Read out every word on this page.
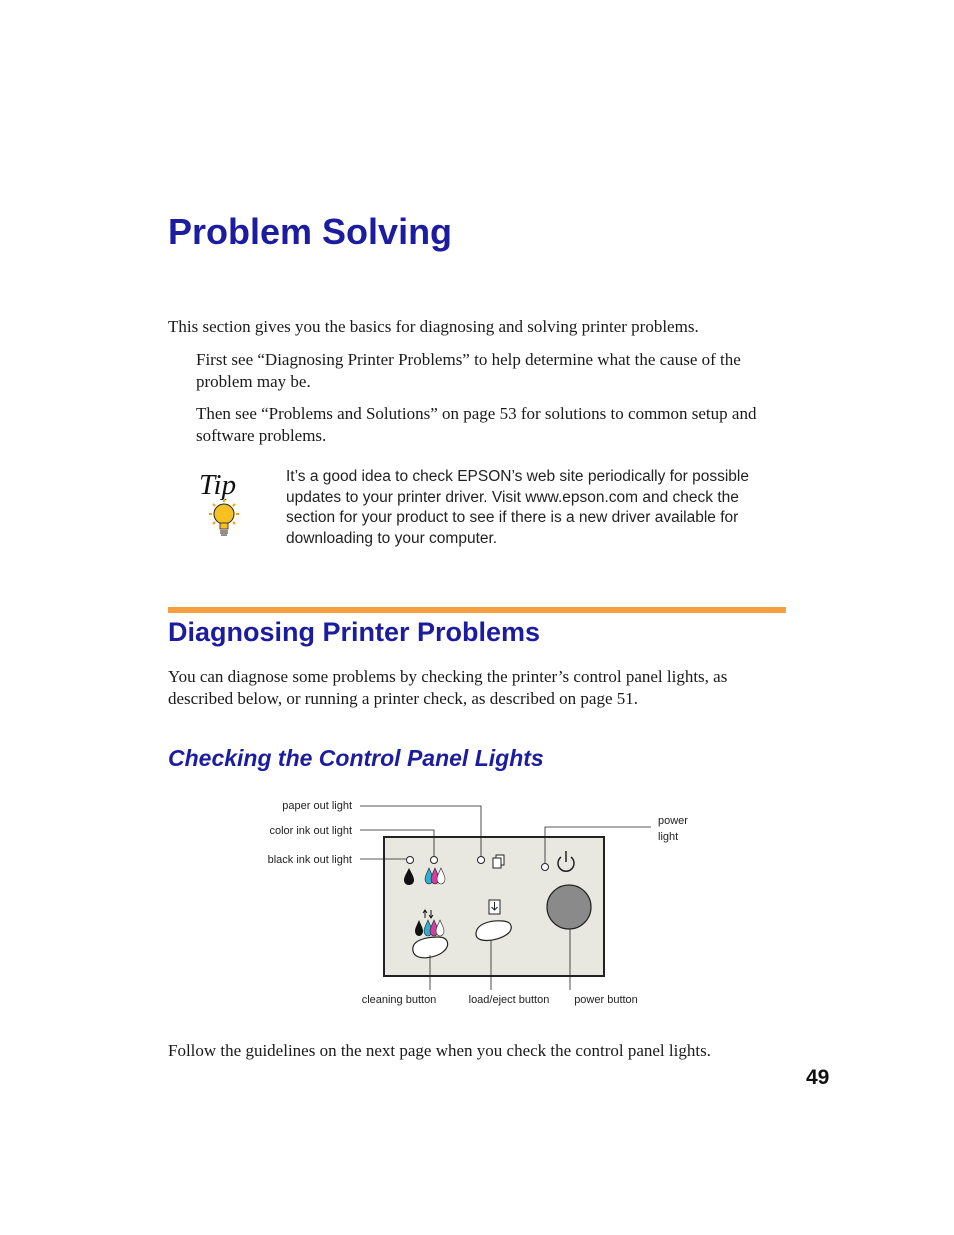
Problem Solving

This section gives you the basics for diagnosing and solving printer problems.

First see “Diagnosing Printer Problems” to help determine what the cause of the problem may be.

Then see “Problems and Solutions” on page 53 for solutions to common setup and software problems.

Tip	It’s a good idea to check EPSON’s web site periodically for possible updates to your printer driver. Visit www.epson.com and check the section for your product to see if there is a new driver available for downloading to your computer.

Diagnosing Printer Problems

You can diagnose some problems by checking the printer’s control panel lights, as described below, or running a printer check, as described on page 51.

Checking the Control Panel Lights
paper out light
color ink out light
black ink out light
power
light
cleaning button	load/eject button power button

Follow the guidelines on the next page when you check the control panel lights.

49
